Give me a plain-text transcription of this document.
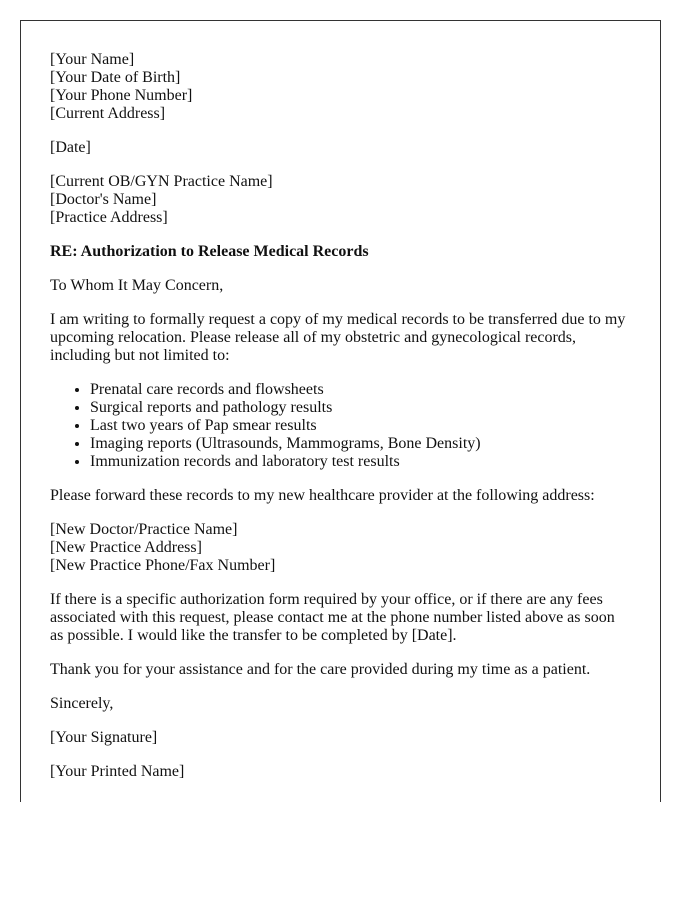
[Your Name]
[Your Date of Birth]
[Your Phone Number]
[Current Address]
[Date]
[Current OB/GYN Practice Name]
[Doctor's Name]
[Practice Address]

RE: Authorization to Release Medical Records

To Whom It May Concern,

I am writing to formally request a copy of my medical records to be transferred due to my upcoming relocation. Please release all of my obstetric and gynecological records, including but not limited to:

• Prenatal care records and flowsheets
• Surgical reports and pathology results
• Last two years of Pap smear results
• Imaging reports (Ultrasounds, Mammograms, Bone Density)
• Immunization records and laboratory test results

Please forward these records to my new healthcare provider at the following address:

[New Doctor/Practice Name]
[New Practice Address]
[New Practice Phone/Fax Number]

If there is a specific authorization form required by your office, or if there are any fees associated with this request, please contact me at the phone number listed above as soon as possible. I would like the transfer to be completed by [Date].

Thank you for your assistance and for the care provided during my time as a patient.

Sincerely,

[Your Signature]

[Your Printed Name]
